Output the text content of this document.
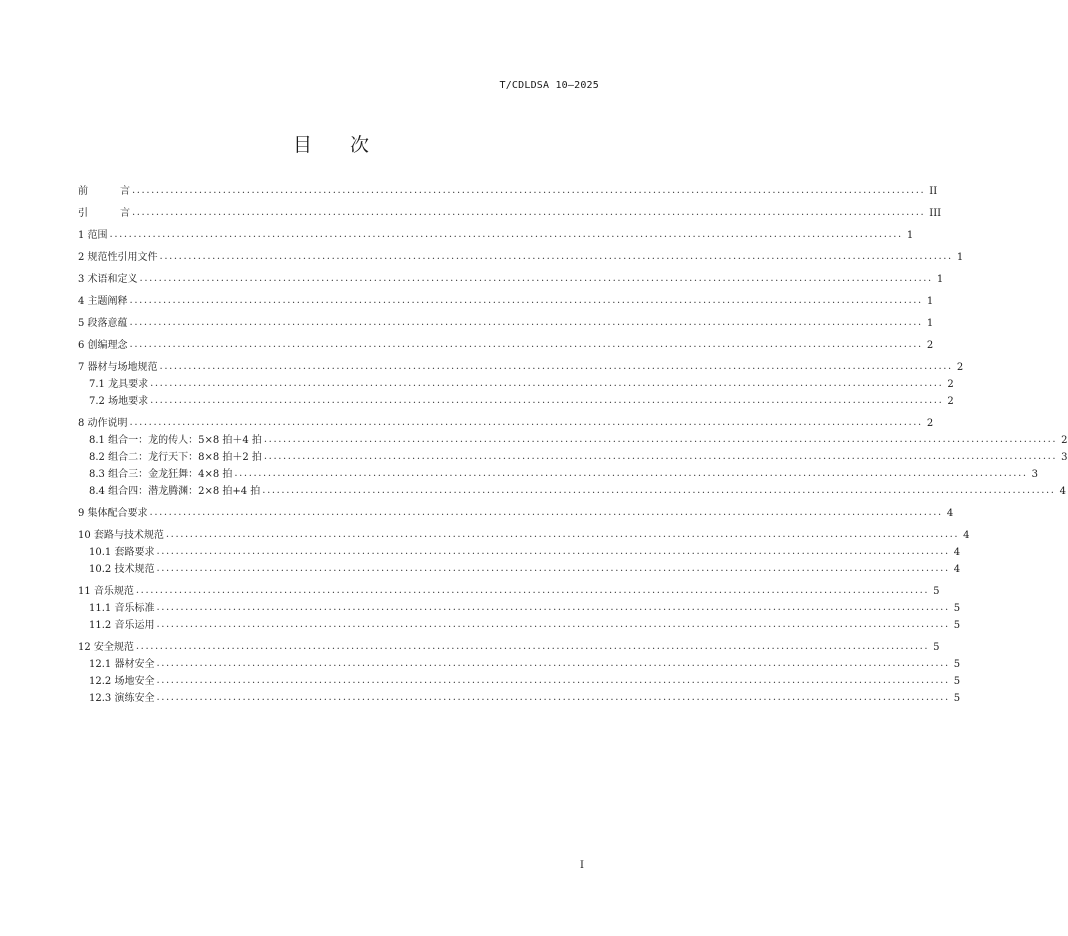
T/CDLDSA 10—2025
目 次
前	言 ...................................................................................................................................................................... II
引	言 ...................................................................................................................................................................... III
1 范围 ...................................................................................................................................................................... 1
2 规范性引用文件 ...................................................................................................................................................................... 1
3 术语和定义 ...................................................................................................................................................................... 1
4 主题阐释 ...................................................................................................................................................................... 1
5 段落意蕴 ...................................................................................................................................................................... 1
6 创编理念 ...................................................................................................................................................................... 2
7 器材与场地规范 ...................................................................................................................................................................... 2
7.1 龙具要求 ...................................................................................................................................................................... 2
7.2 场地要求 ...................................................................................................................................................................... 2
8 动作说明 ...................................................................................................................................................................... 2
8.1 组合一：龙的传人：5×8 拍＋4 拍 ...................................................................................................................................................................... 2
8.2 组合二：龙行天下：8×8 拍＋2 拍 ...................................................................................................................................................................... 3
8.3 组合三：金龙狂舞：4×8 拍 ...................................................................................................................................................................... 3
8.4 组合四：潜龙腾渊：2×8 拍+4 拍 ...................................................................................................................................................................... 4
9 集体配合要求 ...................................................................................................................................................................... 4
10 套路与技术规范 ...................................................................................................................................................................... 4
10.1 套路要求 ...................................................................................................................................................................... 4
10.2 技术规范 ...................................................................................................................................................................... 4
11 音乐规范 ...................................................................................................................................................................... 5
11.1 音乐标准 ...................................................................................................................................................................... 5
11.2 音乐运用 ...................................................................................................................................................................... 5
12 安全规范 ...................................................................................................................................................................... 5
12.1 器材安全 ...................................................................................................................................................................... 5
12.2 场地安全 ...................................................................................................................................................................... 5
12.3 演练安全 ...................................................................................................................................................................... 5
I
